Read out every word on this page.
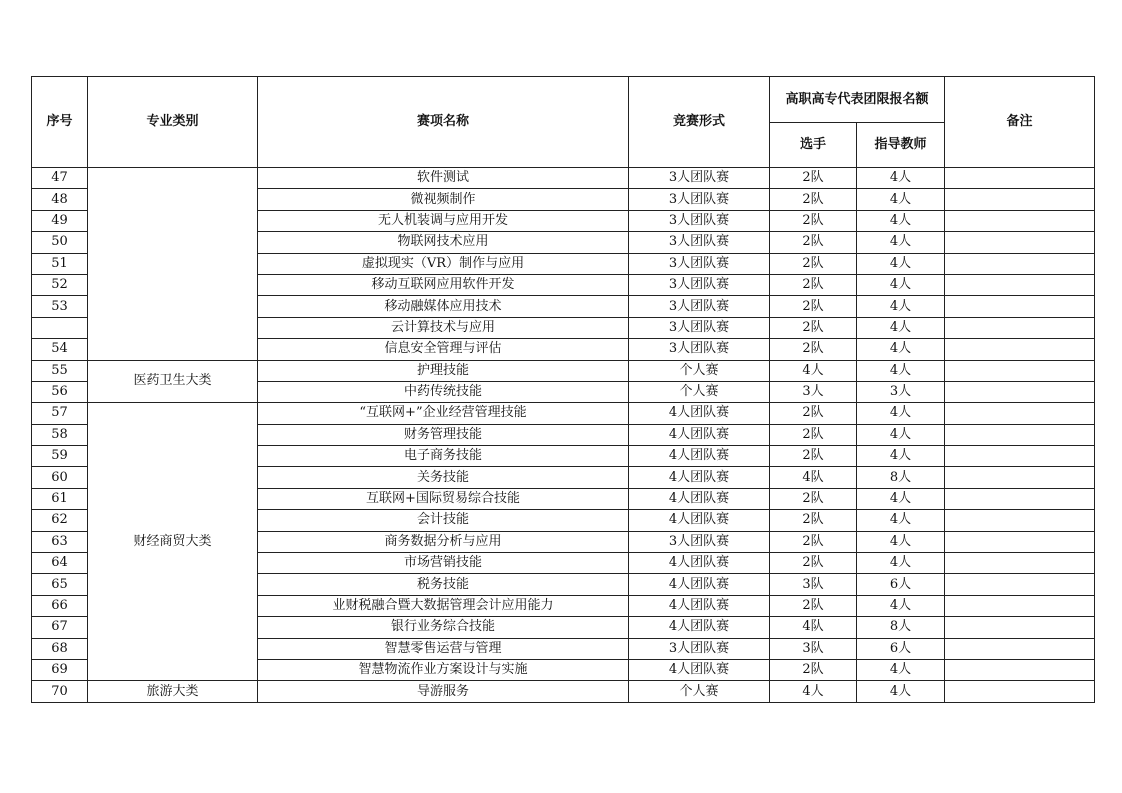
序号	专业类别	赛项名称	竞赛形式	高职高专代表团限报名额		备注
				选手	指导教师	
47		软件测试	3人团队赛	2队	4人	
48		微视频制作	3人团队赛	2队	4人	
49		无人机装调与应用开发	3人团队赛	2队	4人	
50		物联网技术应用	3人团队赛	2队	4人	
51		虚拟现实（VR）制作与应用	3人团队赛	2队	4人	
52		移动互联网应用软件开发	3人团队赛	2队	4人	
53		移动融媒体应用技术	3人团队赛	2队	4人	
		云计算技术与应用	3人团队赛	2队	4人	
54		信息安全管理与评估	3人团队赛	2队	4人	
55	医药卫生大类	护理技能	个人赛	4人	4人	
56		中药传统技能	个人赛	3人	3人	
57	财经商贸大类	“互联网+”企业经营管理技能	4人团队赛	2队	4人	
58		财务管理技能	4人团队赛	2队	4人	
59		电子商务技能	4人团队赛	2队	4人	
60		关务技能	4人团队赛	4队	8人	
61		互联网+国际贸易综合技能	4人团队赛	2队	4人	
62		会计技能	4人团队赛	2队	4人	
63		商务数据分析与应用	3人团队赛	2队	4人	
64		市场营销技能	4人团队赛	2队	4人	
65		税务技能	4人团队赛	3队	6人	
66		业财税融合暨大数据管理会计应用能力	4人团队赛	2队	4人	
67		银行业务综合技能	4人团队赛	4队	8人	
68		智慧零售运营与管理	3人团队赛	3队	6人	
69		智慧物流作业方案设计与实施	4人团队赛	2队	4人	
70	旅游大类	导游服务	个人赛	4人	4人	
